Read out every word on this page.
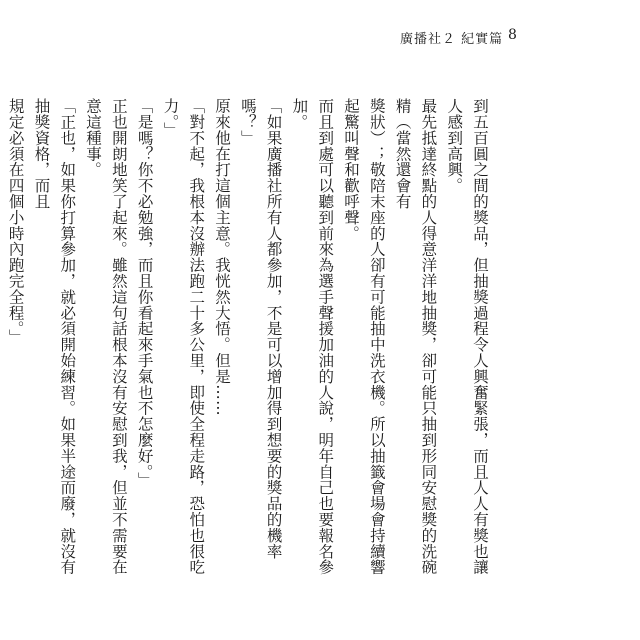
廣播社２ 紀實篇 8
到五百圓之間的獎品，但抽獎過程令人興奮緊張，而且人人有獎也讓人感到高興。
最先抵達終點的人得意洋洋地抽獎，卻可能只抽到形同安慰獎的洗碗精（當然還會有
獎狀）；敬陪末座的人卻有可能抽中洗衣機。所以抽籤會場會持續響起驚叫聲和歡呼聲。
而且到處可以聽到前來為選手聲援加油的人說，明年自己也要報名參加。
「如果廣播社所有人都參加，不是可以增加得到想要的獎品的機率嗎？」
原來他在打這個主意。我恍然大悟。但是……
「對不起，我根本沒辦法跑二十多公里，即使全程走路，恐怕也很吃力。」
「是嗎？你不必勉強，而且你看起來手氣也不怎麼好。」
正也開朗地笑了起來。雖然這句話根本沒有安慰到我，但並不需要在意這種事。
「正也，如果你打算參加，就必須開始練習。如果半途而廢，就沒有抽獎資格，而且
規定必須在四個小時內跑完全程。」
